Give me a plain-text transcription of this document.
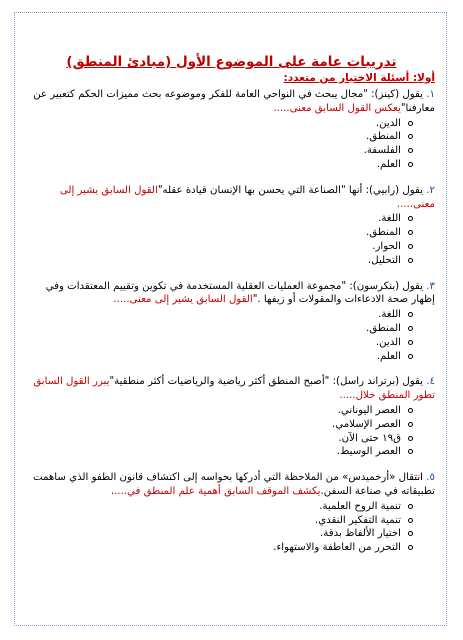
تدريبات عامة على الموضوع الأول (مبادئ المنطق)
أولا: أسئلة الاختيار من متعدد:
١. يقول (كينز): "مجال يبحث في النواحي العامة للفكر وموضوعه بحث مميزات الحكم كتعبير عن معارفنا"يعكس القول السابق معنى.....
الدين.
المنطق.
الفلسفة.
العلم.
٢. يقول (رابيي): أنها "الصناعة التي يحسن بها الإنسان قيادة عقله"القول السابق يشير إلى معنى.....
اللغة.
المنطق.
الحوار.
التحليل.
٣. يقول (بنكرسون): "مجموعة العمليات العقلية المستخدمة في تكوين وتقييم المعتقدات وفي إظهار صحة الادعاءات والمقولات أو زيفها ."القول السابق يشير إلى معنى.....
اللغة.
المنطق.
الدين.
العلم.
٤. يقول (برتراند راسل): "أصبح المنطق أكثر رياضية والرياضيات أكثر منطقية"يبرر القول السابق تطور المنطق خلال.....
العصر اليوناني.
العصر الإسلامي.
ق١٩ حتى الآن.
العصر الوسيط.
٥. انتقال «أرخميدس» من الملاحظة التي أدركها بحواسه إلى اكتشاف قانون الطفو الذي ساهمت تطبيقاته في صناعة السفن.يكشف الموقف السابق أهمية علم المنطق في.....
تنمية الروح العلمية.
تنمية التفكير النقدي.
اختيار الألفاظ بدقة.
التحرر من العاطفة والاستهواء.
